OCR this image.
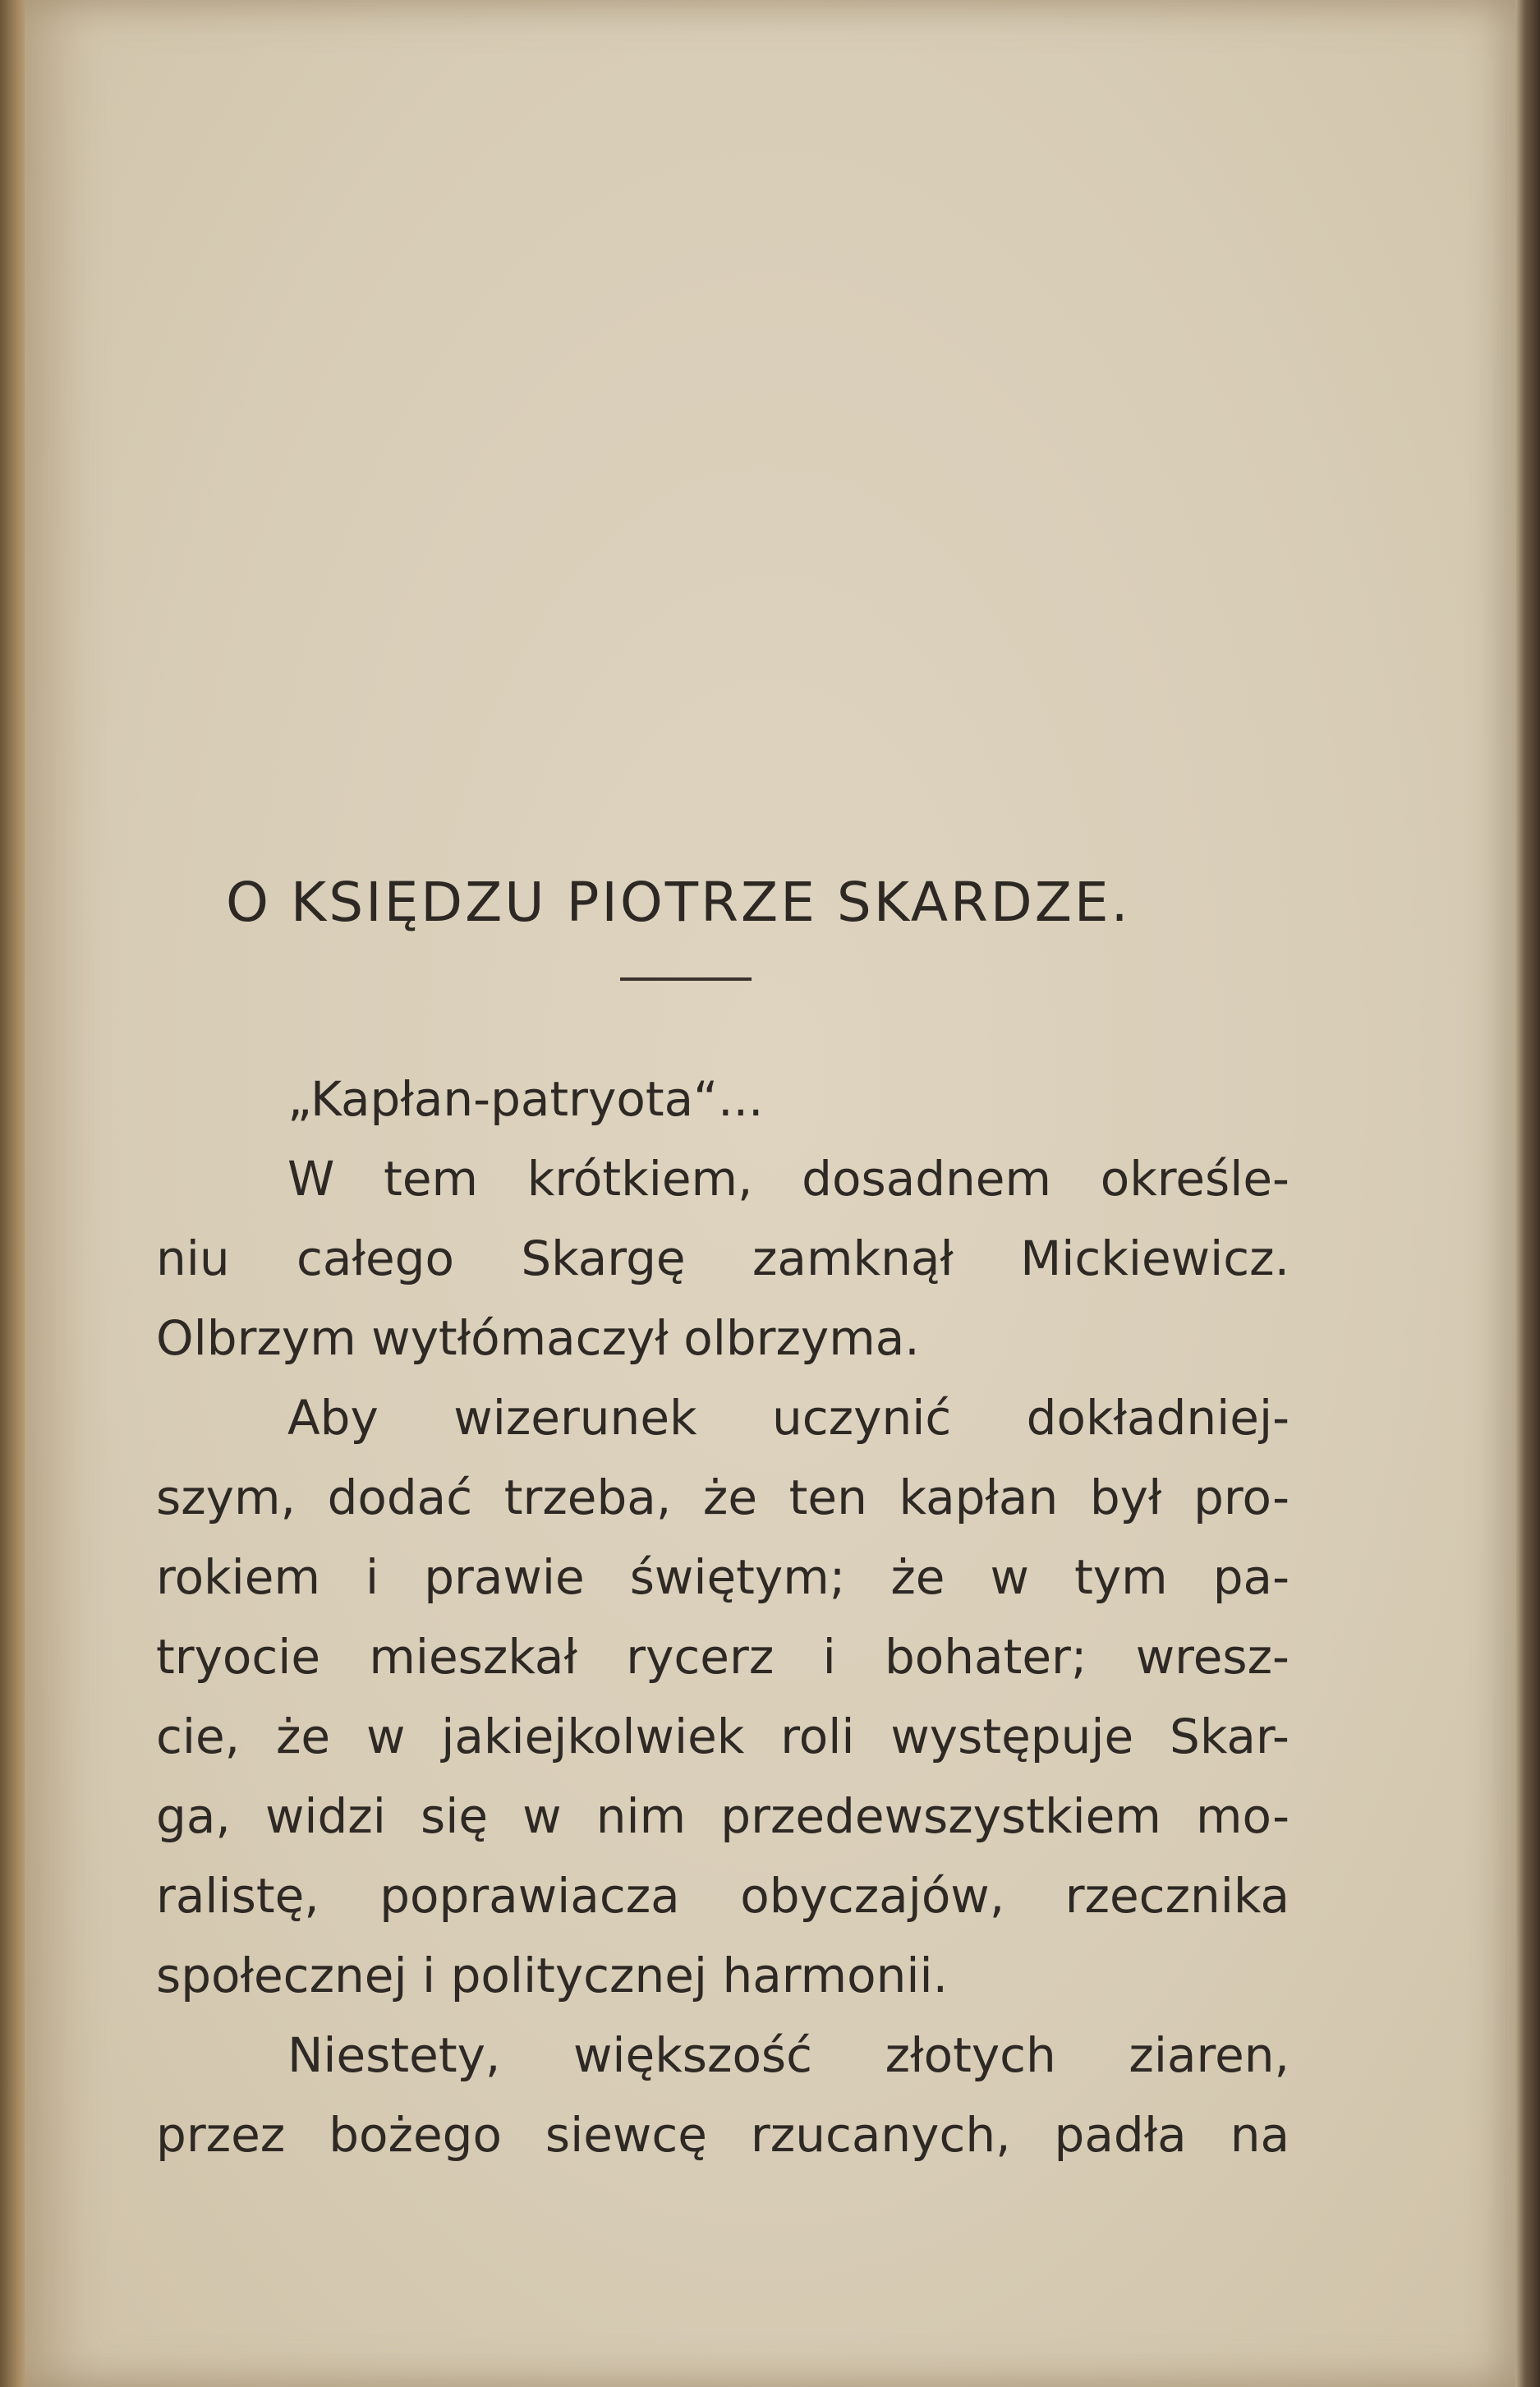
O KSIĘDZU PIOTRZE SKARDZE.
„Kapłan-patryota“...
W tem krótkiem, dosadnem określe-
niu całego Skargę zamknął Mickiewicz.
Olbrzym wytłómaczył olbrzyma.
Aby wizerunek uczynić dokładniej-
szym, dodać trzeba, że ten kapłan był pro-
rokiem i prawie świętym; że w tym pa-
tryocie mieszkał rycerz i bohater; wresz-
cie, że w jakiejkolwiek roli występuje Skar-
ga, widzi się w nim przedewszystkiem mo-
ralistę, poprawiacza obyczajów, rzecznika
społecznej i politycznej harmonii.
Niestety, większość złotych ziaren,
przez bożego siewcę rzucanych, padła na
